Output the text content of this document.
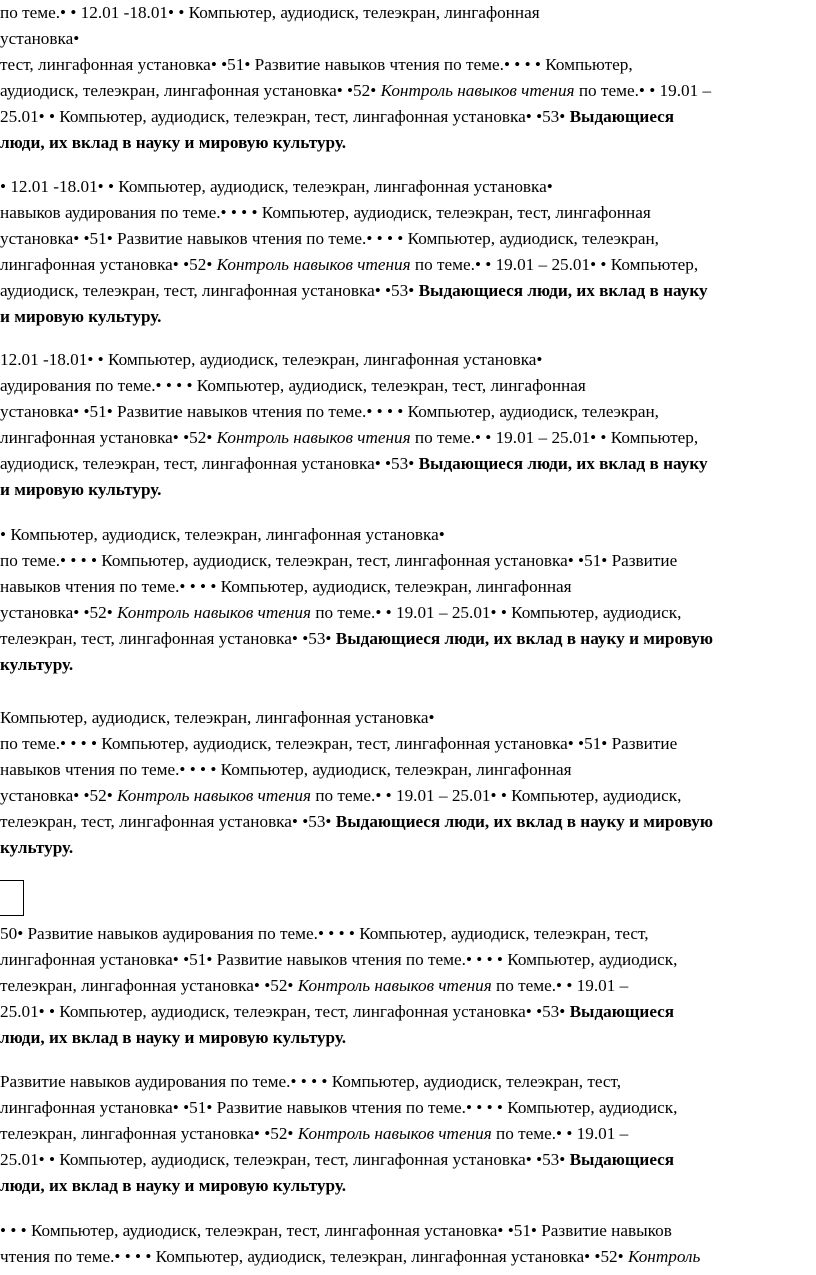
по теме.• • 12.01 -18.01• • Компьютер, аудиодиск, телеэкран, лингафонная
установка•
тест, лингафонная установка• •51• Развитие навыков чтения по теме.• • • • Компьютер,
аудиодиск, телеэкран, лингафонная установка• •52• Контроль навыков чтения по теме.• • 19.01 –
25.01• • Компьютер, аудиодиск, телеэкран, тест, лингафонная установка• •53• Выдающиеся
люди, их вклад в науку и мировую культуру.
• 12.01 -18.01• • Компьютер, аудиодиск, телеэкран, лингафонная установка•
навыков аудирования по теме.• • • • Компьютер, аудиодиск, телеэкран, тест, лингафонная
установка• •51• Развитие навыков чтения по теме.• • • • Компьютер, аудиодиск, телеэкран,
лингафонная установка• •52• Контроль навыков чтения по теме.• • 19.01 – 25.01• • Компьютер,
аудиодиск, телеэкран, тест, лингафонная установка• •53• Выдающиеся люди, их вклад в науку
и мировую культуру.
12.01 -18.01• • Компьютер, аудиодиск, телеэкран, лингафонная установка•
аудирования по теме.• • • • Компьютер, аудиодиск, телеэкран, тест, лингафонная
установка• •51• Развитие навыков чтения по теме.• • • • Компьютер, аудиодиск, телеэкран,
лингафонная установка• •52• Контроль навыков чтения по теме.• • 19.01 – 25.01• • Компьютер,
аудиодиск, телеэкран, тест, лингафонная установка• •53• Выдающиеся люди, их вклад в науку
и мировую культуру.
• Компьютер, аудиодиск, телеэкран, лингафонная установка•
по теме.• • • • Компьютер, аудиодиск, телеэкран, тест, лингафонная установка• •51• Развитие
навыков чтения по теме.• • • • Компьютер, аудиодиск, телеэкран, лингафонная
установка• •52• Контроль навыков чтения по теме.• • 19.01 – 25.01• • Компьютер, аудиодиск,
телеэкран, тест, лингафонная установка• •53• Выдающиеся люди, их вклад в науку и мировую
культуру.
Компьютер, аудиодиск, телеэкран, лингафонная установка•
по теме.• • • • Компьютер, аудиодиск, телеэкран, тест, лингафонная установка• •51• Развитие
навыков чтения по теме.• • • • Компьютер, аудиодиск, телеэкран, лингафонная
установка• •52• Контроль навыков чтения по теме.• • 19.01 – 25.01• • Компьютер, аудиодиск,
телеэкран, тест, лингафонная установка• •53• Выдающиеся люди, их вклад в науку и мировую
культуру.
50• Развитие навыков аудирования по теме.• • • • Компьютер, аудиодиск, телеэкран, тест,
лингафонная установка• •51• Развитие навыков чтения по теме.• • • • Компьютер, аудиодиск,
телеэкран, лингафонная установка• •52• Контроль навыков чтения по теме.• • 19.01 –
25.01• • Компьютер, аудиодиск, телеэкран, тест, лингафонная установка• •53• Выдающиеся
люди, их вклад в науку и мировую культуру.
Развитие навыков аудирования по теме.• • • • Компьютер, аудиодиск, телеэкран, тест,
лингафонная установка• •51• Развитие навыков чтения по теме.• • • • Компьютер, аудиодиск,
телеэкран, лингафонная установка• •52• Контроль навыков чтения по теме.• • 19.01 –
25.01• • Компьютер, аудиодиск, телеэкран, тест, лингафонная установка• •53• Выдающиеся
люди, их вклад в науку и мировую культуру.
• • • Компьютер, аудиодиск, телеэкран, тест, лингафонная установка• •51• Развитие навыков
чтения по теме.• • • • Компьютер, аудиодиск, телеэкран, лингафонная установка• •52• Контроль
